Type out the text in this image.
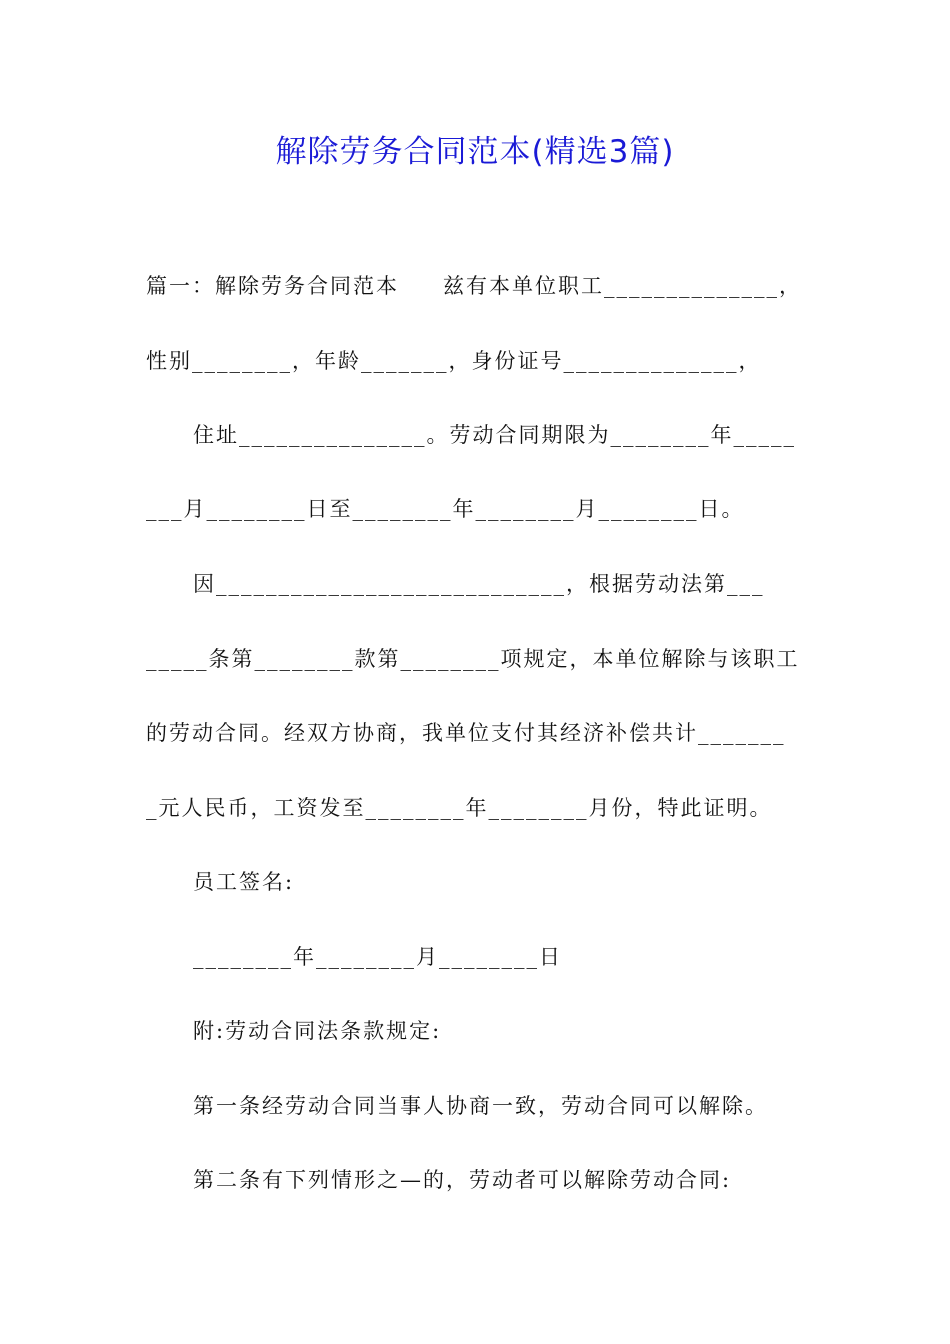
解除劳务合同范本(精选3篇)
篇一：解除劳务合同范本 兹有本单位职工______________，
性别________，年龄_______，身份证号______________，
住址_______________。劳动合同期限为________年_____
___月________日至________年________月________日。
因____________________________，根据劳动法第___
_____条第________款第________项规定，本单位解除与该职工
的劳动合同。经双方协商，我单位支付其经济补偿共计_______
_元人民币，工资发至________年________月份，特此证明。
员工签名:
________年________月________日
附:劳动合同法条款规定:
第一条经劳动合同当事人协商一致，劳动合同可以解除。
第二条有下列情形之—的，劳动者可以解除劳动合同:
